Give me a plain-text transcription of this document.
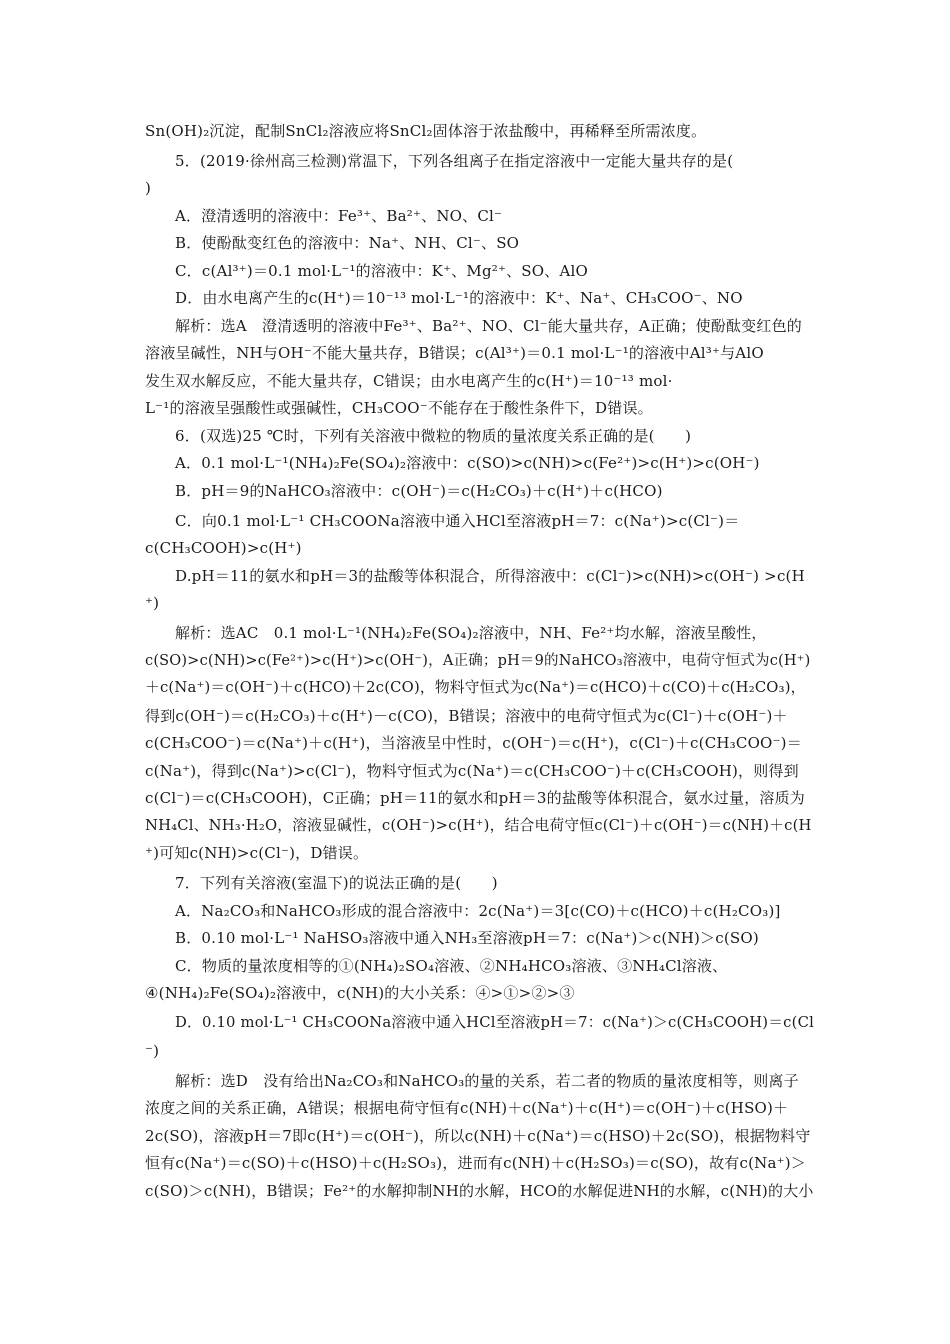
Sn(OH)₂沉淀，配制SnCl₂溶液应将SnCl₂固体溶于浓盐酸中，再稀释至所需浓度。
5．(2019·徐州高三检测)常温下，下列各组离子在指定溶液中一定能大量共存的是(
)
A．澄清透明的溶液中：Fe³⁺、Ba²⁺、NO、Cl⁻
B．使酚酞变红色的溶液中：Na⁺、NH、Cl⁻、SO
C．c(Al³⁺)＝0.1 mol·L⁻¹的溶液中：K⁺、Mg²⁺、SO、AlO
D．由水电离产生的c(H⁺)＝10⁻¹³ mol·L⁻¹的溶液中：K⁺、Na⁺、CH₃COO⁻、NO
解析：选A　澄清透明的溶液中Fe³⁺、Ba²⁺、NO、Cl⁻能大量共存，A正确；使酚酞变红色的
溶液呈碱性，NH与OH⁻不能大量共存，B错误；c(Al³⁺)＝0.1 mol·L⁻¹的溶液中Al³⁺与AlO
发生双水解反应，不能大量共存，C错误；由水电离产生的c(H⁺)＝10⁻¹³ mol·
L⁻¹的溶液呈强酸性或强碱性，CH₃COO⁻不能存在于酸性条件下，D错误。
6．(双选)25 ℃时，下列有关溶液中微粒的物质的量浓度关系正确的是(　　)
A．0.1 mol·L⁻¹(NH₄)₂Fe(SO₄)₂溶液中：c(SO)>c(NH)>c(Fe²⁺)>c(H⁺)>c(OH⁻)
B．pH＝9的NaHCO₃溶液中：c(OH⁻)＝c(H₂CO₃)＋c(H⁺)＋c(HCO)
C．向0.1 mol·L⁻¹ CH₃COONa溶液中通入HCl至溶液pH＝7：c(Na⁺)>c(Cl⁻)＝
c(CH₃COOH)>c(H⁺)
D.pH＝11的氨水和pH＝3的盐酸等体积混合，所得溶液中：c(Cl⁻)>c(NH)>c(OH⁻) >c(H
⁺)
解析：选AC　0.1 mol·L⁻¹(NH₄)₂Fe(SO₄)₂溶液中，NH、Fe²⁺均水解，溶液呈酸性，
c(SO)>c(NH)>c(Fe²⁺)>c(H⁺)>c(OH⁻)，A正确；pH＝9的NaHCO₃溶液中，电荷守恒式为c(H⁺)
＋c(Na⁺)＝c(OH⁻)＋c(HCO)＋2c(CO)，物料守恒式为c(Na⁺)＝c(HCO)＋c(CO)＋c(H₂CO₃)，
得到c(OH⁻)＝c(H₂CO₃)＋c(H⁺)－c(CO)，B错误；溶液中的电荷守恒式为c(Cl⁻)＋c(OH⁻)＋
c(CH₃COO⁻)＝c(Na⁺)＋c(H⁺)，当溶液呈中性时，c(OH⁻)＝c(H⁺)，c(Cl⁻)＋c(CH₃COO⁻)＝
c(Na⁺)，得到c(Na⁺)>c(Cl⁻)，物料守恒式为c(Na⁺)＝c(CH₃COO⁻)＋c(CH₃COOH)，则得到
c(Cl⁻)＝c(CH₃COOH)，C正确；pH＝11的氨水和pH＝3的盐酸等体积混合，氨水过量，溶质为
NH₄Cl、NH₃·H₂O，溶液显碱性，c(OH⁻)>c(H⁺)，结合电荷守恒c(Cl⁻)＋c(OH⁻)＝c(NH)＋c(H
⁺)可知c(NH)>c(Cl⁻)，D错误。
7．下列有关溶液(室温下)的说法正确的是(　　)
A．Na₂CO₃和NaHCO₃形成的混合溶液中：2c(Na⁺)＝3[c(CO)＋c(HCO)＋c(H₂CO₃)]
B．0.10 mol·L⁻¹ NaHSO₃溶液中通入NH₃至溶液pH＝7：c(Na⁺)＞c(NH)＞c(SO)
C．物质的量浓度相等的①(NH₄)₂SO₄溶液、②NH₄HCO₃溶液、③NH₄Cl溶液、
④(NH₄)₂Fe(SO₄)₂溶液中，c(NH)的大小关系：④>①>②>③
D．0.10 mol·L⁻¹ CH₃COONa溶液中通入HCl至溶液pH＝7：c(Na⁺)＞c(CH₃COOH)＝c(Cl
⁻)
解析：选D　没有给出Na₂CO₃和NaHCO₃的量的关系，若二者的物质的量浓度相等，则离子
浓度之间的关系正确，A错误；根据电荷守恒有c(NH)＋c(Na⁺)＋c(H⁺)＝c(OH⁻)＋c(HSO)＋
2c(SO)，溶液pH＝7即c(H⁺)＝c(OH⁻)，所以c(NH)＋c(Na⁺)＝c(HSO)＋2c(SO)，根据物料守
恒有c(Na⁺)＝c(SO)＋c(HSO)＋c(H₂SO₃)，进而有c(NH)＋c(H₂SO₃)＝c(SO)，故有c(Na⁺)＞
c(SO)＞c(NH)，B错误；Fe²⁺的水解抑制NH的水解，HCO的水解促进NH的水解，c(NH)的大小
